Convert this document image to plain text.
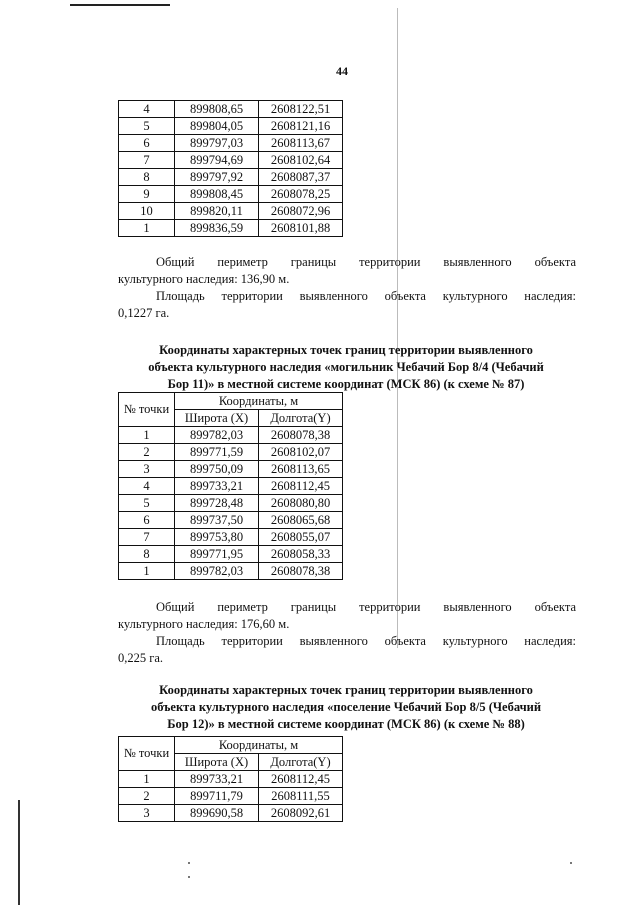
44
4	899808,65	2608122,51
5	899804,05	2608121,16
6	899797,03	2608113,67
7	899794,69	2608102,64
8	899797,92	2608087,37
9	899808,45	2608078,25
10	899820,11	2608072,96
1	899836,59	2608101,88
Общий периметр границы территории выявленного объекта
культурного наследия: 136,90 м.
Площадь территории выявленного объекта культурного наследия:
0,1227 га.
Координаты характерных точек границ территории выявленного
объекта культурного наследия «могильник Чебачий Бор 8/4 (Чебачий
Бор 11)» в местной системе координат (МСК 86) (к схеме № 87)
№ точки	Координаты, м	
	Широта (X)	Долгота(Y)
1	899782,03	2608078,38
2	899771,59	2608102,07
3	899750,09	2608113,65
4	899733,21	2608112,45
5	899728,48	2608080,80
6	899737,50	2608065,68
7	899753,80	2608055,07
8	899771,95	2608058,33
1	899782,03	2608078,38
Общий периметр границы территории выявленного объекта
культурного наследия: 176,60 м.
Площадь территории выявленного объекта культурного наследия:
0,225 га.
Координаты характерных точек границ территории выявленного
объекта культурного наследия «поселение Чебачий Бор 8/5 (Чебачий
Бор 12)» в местной системе координат (МСК 86) (к схеме № 88)
№ точки	Координаты, м	
	Широта (X)	Долгота(Y)
1	899733,21	2608112,45
2	899711,79	2608111,55
3	899690,58	2608092,61
